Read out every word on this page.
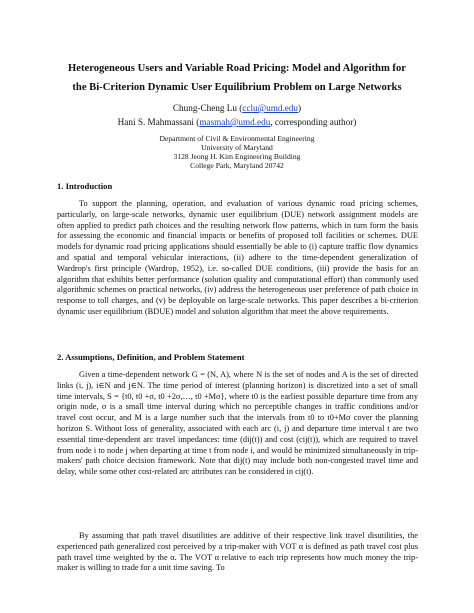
Heterogeneous Users and Variable Road Pricing: Model and Algorithm for
the Bi-Criterion Dynamic User Equilibrium Problem on Large Networks
Chung-Cheng Lu (cclu@umd.edu)
Hani S. Mahmassani (masmah@umd.edu, corresponding author)
Department of Civil & Environmental Engineering
University of Maryland
3128 Jeong H. Kim Engineering Building
College Park, Maryland 20742
1. Introduction
To support the planning, operation, and evaluation of various dynamic road pricing schemes, particularly, on large-scale networks, dynamic user equilibrium (DUE) network assignment models are often applied to predict path choices and the resulting network flow patterns, which in turn form the basis for assessing the economic and financial impacts or benefits of proposed toll facilities or schemes. DUE models for dynamic road pricing applications should essentially be able to (i) capture traffic flow dynamics and spatial and temporal vehicular interactions, (ii) adhere to the time-dependent generalization of Wardrop's first principle (Wardrop, 1952), i.e. so-called DUE conditions, (iii) provide the basis for an algorithm that exhibits better performance (solution quality and computational effort) than commonly used algorithmic schemes on practical networks, (iv) address the heterogeneous user preference of path choice in response to toll charges, and (v) be deployable on large-scale networks. This paper describes a bi-criterion dynamic user equilibrium (BDUE) model and solution algorithm that meet the above requirements.
2. Assumptions, Definition, and Problem Statement
Given a time-dependent network G = (N, A), where N is the set of nodes and A is the set of directed links (i, j), i∈N and j∈N. The time period of interest (planning horizon) is discretized into a set of small time intervals, S = {t0, t0 +σ, t0 +2σ,…, t0 +Mσ}, where t0 is the earliest possible departure time from any origin node, σ is a small time interval during which no perceptible changes in traffic conditions and/or travel cost occur, and M is a large number such that the intervals from t0 to t0+Mσ cover the planning horizon S. Without loss of generality, associated with each arc (i, j) and departure time interval t are two essential time-dependent arc travel impedances: time (dij(t)) and cost (cij(t)), which are required to travel from node i to node j when departing at time t from node i, and would be minimized simultaneously in trip-makers' path choice decision framework. Note that dij(t) may include both non-congested travel time and delay, while some other cost-related arc attributes can be considered in cij(t).
By assuming that path travel disutilities are additive of their respective link travel disutilities, the experienced path generalized cost perceived by a trip-maker with VOT α is defined as path travel cost plus path travel time weighted by the α. The VOT α relative to each trip represents how much money the trip-maker is willing to trade for a unit time saving. To
